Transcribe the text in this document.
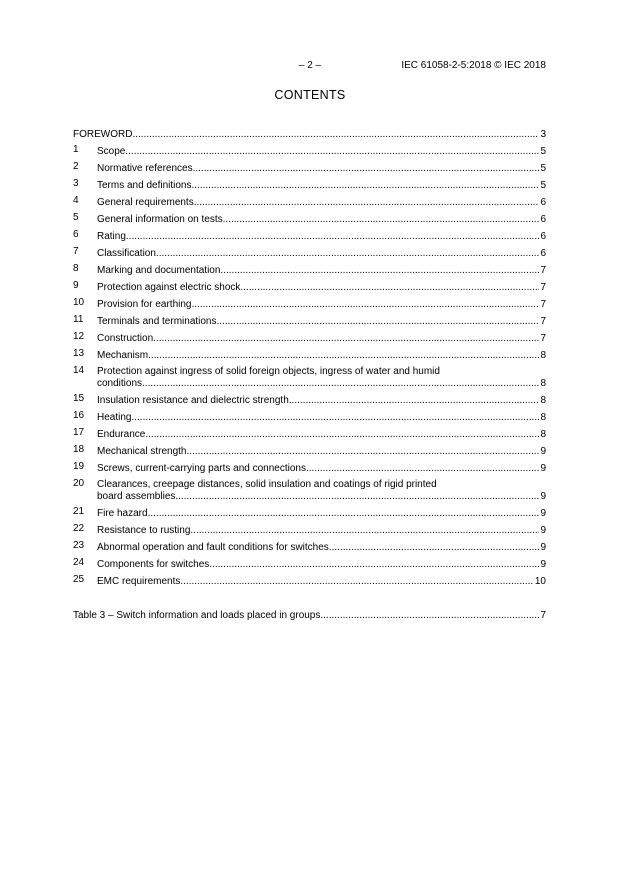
– 2 –	IEC 61058-2-5:2018 © IEC 2018
CONTENTS
FOREWORD .....	3
1	Scope .....	5
2	Normative references .....	5
3	Terms and definitions .....	5
4	General requirements .....	6
5	General information on tests .....	6
6	Rating .....	6
7	Classification .....	6
8	Marking and documentation .....	7
9	Protection against electric shock .....	7
10	Provision for earthing .....	7
11	Terminals and terminations .....	7
12	Construction .....	7
13	Mechanism .....	8
14	Protection against ingress of solid foreign objects, ingress of water and humid
conditions .....	8
15	Insulation resistance and dielectric strength .....	8
16	Heating .....	8
17	Endurance .....	8
18	Mechanical strength .....	9
19	Screws, current-carrying parts and connections .....	9
20	Clearances, creepage distances, solid insulation and coatings of rigid printed
board assemblies .....	9
21	Fire hazard .....	9
22	Resistance to rusting .....	9
23	Abnormal operation and fault conditions for switches .....	9
24	Components for switches .....	9
25	EMC requirements .....	10
Table 3 – Switch information and loads placed in groups .....	7
